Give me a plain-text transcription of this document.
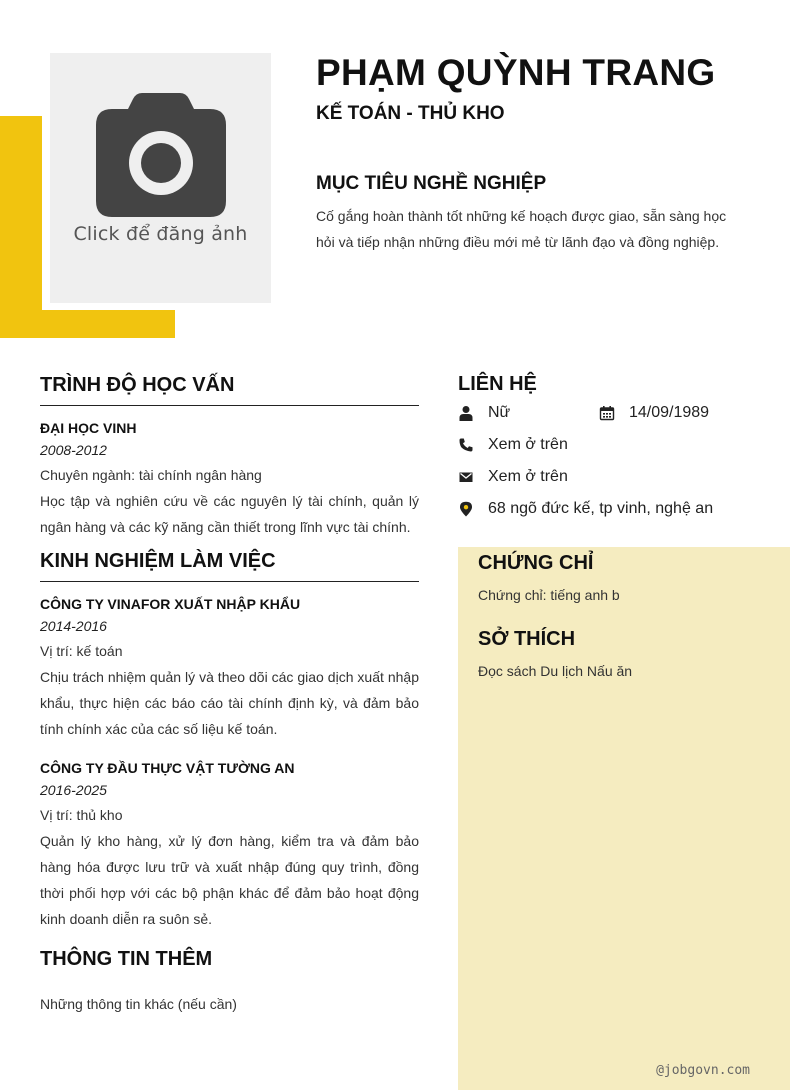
Click để đăng ảnh
PHẠM QUỲNH TRANG
KẾ TOÁN - THỦ KHO
MỤC TIÊU NGHỀ NGHIỆP
Cố gắng hoàn thành tốt những kế hoạch được giao, sẵn sàng học hỏi và tiếp nhận những điều mới mẻ từ lãnh đạo và đồng nghiệp.
TRÌNH ĐỘ HỌC VẤN
ĐẠI HỌC VINH
2008-2012
Chuyên ngành: tài chính ngân hàng
Học tập và nghiên cứu về các nguyên lý tài chính, quản lý ngân hàng và các kỹ năng cần thiết trong lĩnh vực tài chính.
KINH NGHIỆM LÀM VIỆC
CÔNG TY VINAFOR XUẤT NHẬP KHẨU
2014-2016
Vị trí: kế toán
Chịu trách nhiệm quản lý và theo dõi các giao dịch xuất nhập khẩu, thực hiện các báo cáo tài chính định kỳ, và đảm bảo tính chính xác của các số liệu kế toán.
CÔNG TY ĐẦU THỰC VẬT TƯỜNG AN
2016-2025
Vị trí: thủ kho
Quản lý kho hàng, xử lý đơn hàng, kiểm tra và đảm bảo hàng hóa được lưu trữ và xuất nhập đúng quy trình, đồng thời phối hợp với các bộ phận khác để đảm bảo hoạt động kinh doanh diễn ra suôn sẻ.
THÔNG TIN THÊM
Những thông tin khác (nếu cần)
LIÊN HỆ
Nữ	14/09/1989
Xem ở trên
Xem ở trên
68 ngõ đức kế, tp vinh, nghệ an
CHỨNG CHỈ
Chứng chỉ: tiếng anh b
SỞ THÍCH
Đọc sách Du lịch Nấu ăn
@jobgovn.com
